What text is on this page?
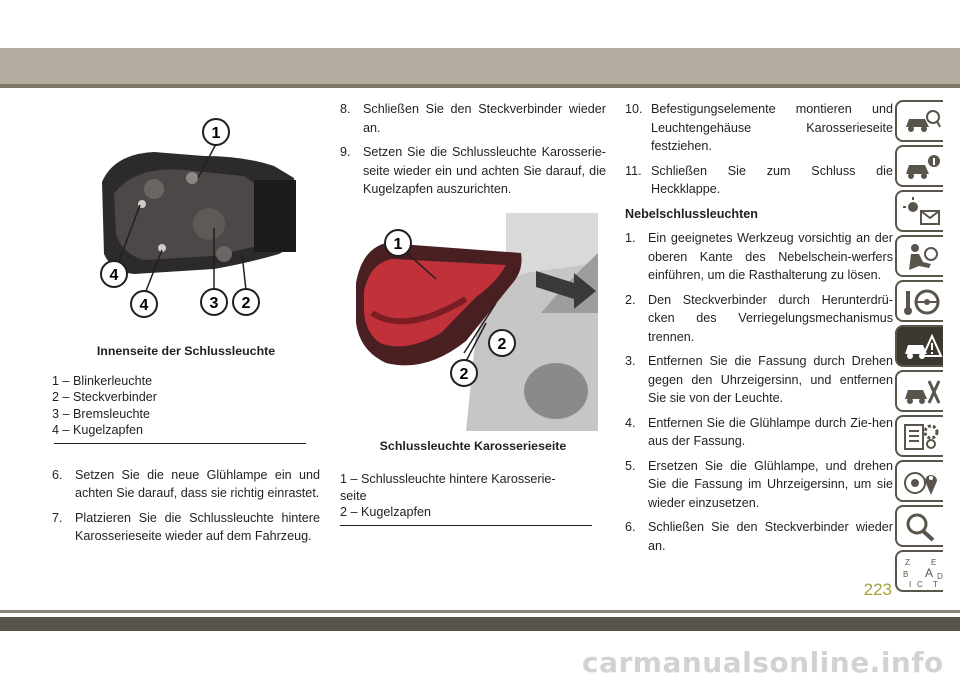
1
4
4	3 2
Innenseite der Schlussleuchte
1 – Blinkerleuchte
2 – Steckverbinder
3 – Bremsleuchte
4 – Kugelzapfen
6. Setzen Sie die neue Glühlampe ein und achten Sie darauf, dass sie richtig einrastet.
7. Platzieren Sie die Schlussleuchte hintere Karosserieseite wieder auf dem Fahrzeug.
8. Schließen Sie den Steckverbinder wieder an.
9. Setzen Sie die Schlussleuchte Karosserie-seite wieder ein und achten Sie darauf, die Kugelzapfen auszurichten.
1
2
2
Schlussleuchte Karosserieseite
1 – Schlussleuchte hintere Karosserie-
seite
2 – Kugelzapfen
10. Befestigungselemente montieren und Leuchtengehäuse Karosserieseite festziehen.
11. Schließen Sie zum Schluss die Heckklappe.
Nebelschlussleuchten
1. Ein geeignetes Werkzeug vorsichtig an der oberen Kante des Nebelschein-werfers einführen, um die Rasthalterung zu lösen.
2. Den Steckverbinder durch Herunterdrü-cken des Verriegelungsmechanismus trennen.
3. Entfernen Sie die Fassung durch Drehen gegen den Uhrzeigersinn, und entfernen Sie sie von der Leuchte.
4. Entfernen Sie die Glühlampe durch Zie-hen aus der Fassung.
5. Ersetzen Sie die Glühlampe, und drehen Sie die Fassung im Uhrzeigersinn, um sie wieder einzusetzen.
6. Schließen Sie den Steckverbinder wieder an.
Z	E
B A
I C T
D
223
carmanualsonline.info
